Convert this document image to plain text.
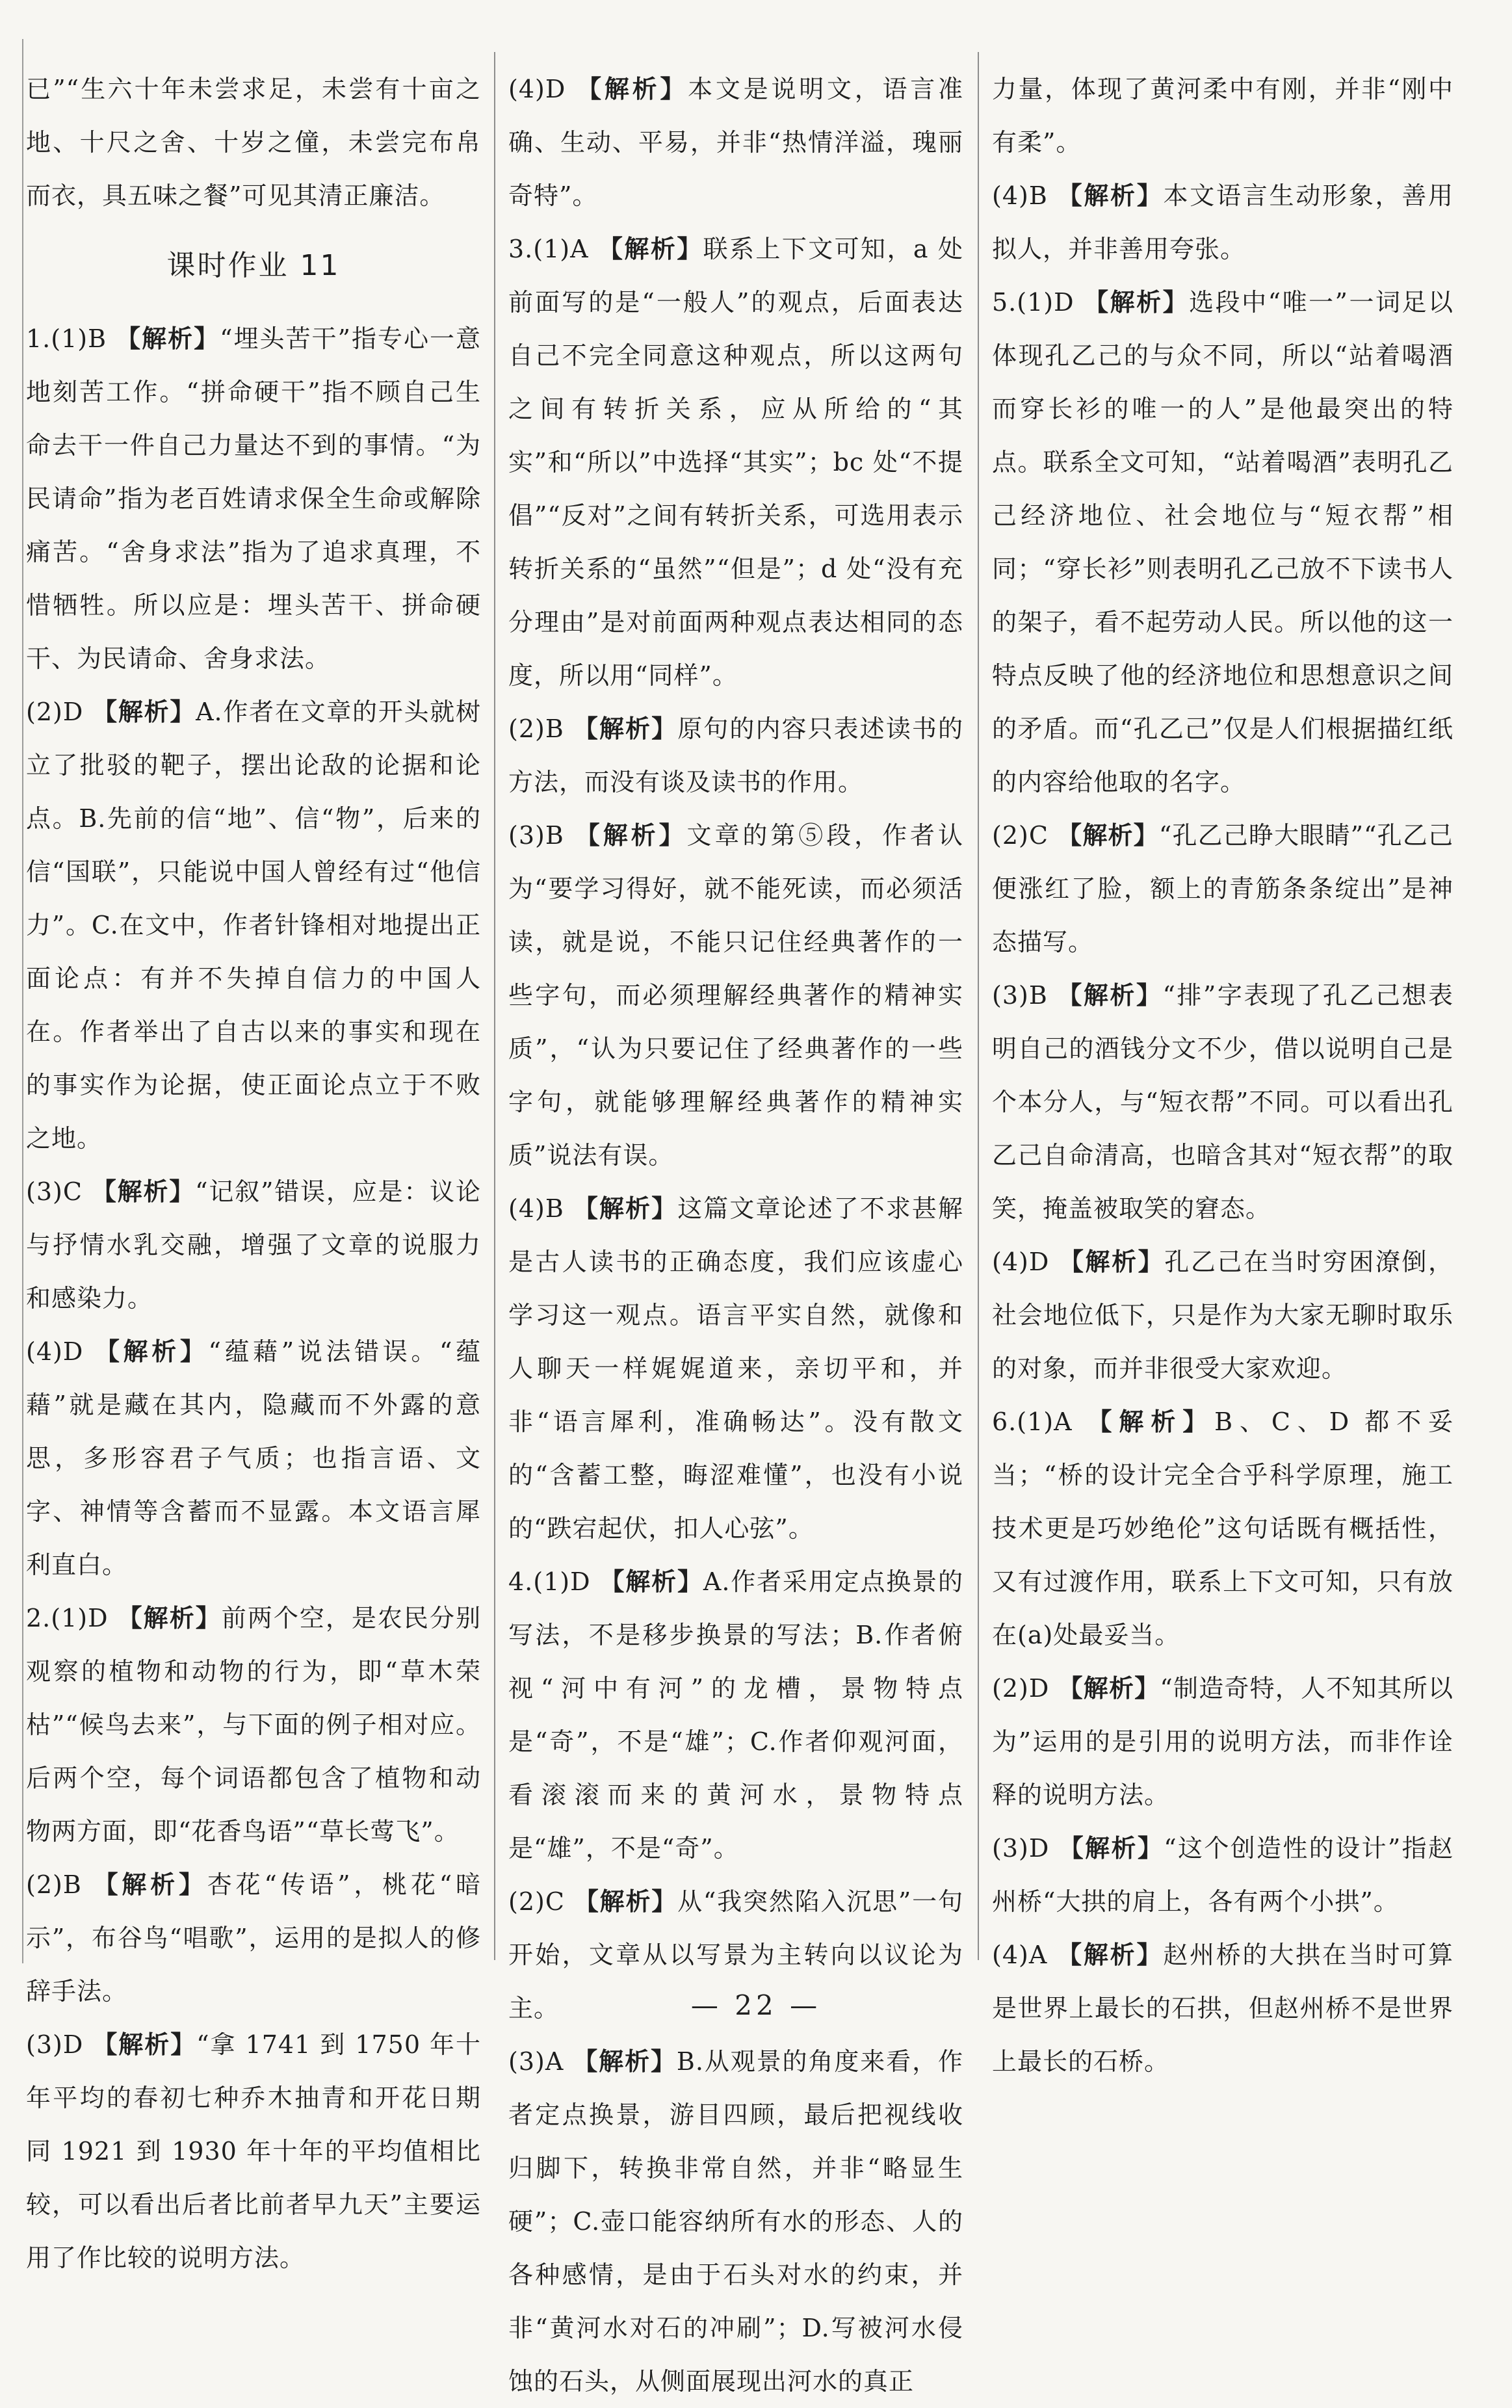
已”“生六十年未尝求足，未尝有十亩之地、十尺之舍、十岁之僮，未尝完布帛而衣，具五味之餐”可见其清正廉洁。

课时作业 11

1.(1)B 【解析】“埋头苦干”指专心一意地刻苦工作。“拼命硬干”指不顾自己生命去干一件自己力量达不到的事情。“为民请命”指为老百姓请求保全生命或解除痛苦。“舍身求法”指为了追求真理，不惜牺牲。所以应是：埋头苦干、拼命硬干、为民请命、舍身求法。

(2)D 【解析】A.作者在文章的开头就树立了批驳的靶子，摆出论敌的论据和论点。B.先前的信“地”、信“物”，后来的信“国联”，只能说中国人曾经有过“他信力”。C.在文中，作者针锋相对地提出正面论点：有并不失掉自信力的中国人在。作者举出了自古以来的事实和现在的事实作为论据，使正面论点立于不败之地。

(3)C 【解析】“记叙”错误，应是：议论与抒情水乳交融，增强了文章的说服力和感染力。

(4)D 【解析】“蕴藉”说法错误。“蕴藉”就是藏在其内，隐藏而不外露的意思，多形容君子气质；也指言语、文字、神情等含蓄而不显露。本文语言犀利直白。

2.(1)D 【解析】前两个空，是农民分别观察的植物和动物的行为，即“草木荣枯”“候鸟去来”，与下面的例子相对应。后两个空，每个词语都包含了植物和动物两方面，即“花香鸟语”“草长莺飞”。

(2)B 【解析】杏花“传语”，桃花“暗示”，布谷鸟“唱歌”，运用的是拟人的修辞手法。

(3)D 【解析】“拿 1741 到 1750 年十年平均的春初七种乔木抽青和开花日期同 1921 到 1930 年十年的平均值相比较，可以看出后者比前者早九天”主要运用了作比较的说明方法。

(4)D 【解析】本文是说明文，语言准确、生动、平易，并非“热情洋溢，瑰丽奇特”。

3.(1)A 【解析】联系上下文可知，a 处前面写的是“一般人”的观点，后面表达自己不完全同意这种观点，所以这两句之间有转折关系，应从所给的“其实”和“所以”中选择“其实”；bc 处“不提倡”“反对”之间有转折关系，可选用表示转折关系的“虽然”“但是”；d 处“没有充分理由”是对前面两种观点表达相同的态度，所以用“同样”。

(2)B 【解析】原句的内容只表述读书的方法，而没有谈及读书的作用。

(3)B 【解析】文章的第⑤段，作者认为“要学习得好，就不能死读，而必须活读，就是说，不能只记住经典著作的一些字句，而必须理解经典著作的精神实质”，“认为只要记住了经典著作的一些字句，就能够理解经典著作的精神实质”说法有误。

(4)B 【解析】这篇文章论述了不求甚解是古人读书的正确态度，我们应该虚心学习这一观点。语言平实自然，就像和人聊天一样娓娓道来，亲切平和，并非“语言犀利，准确畅达”。没有散文的“含蓄工整，晦涩难懂”，也没有小说的“跌宕起伏，扣人心弦”。

4.(1)D 【解析】A.作者采用定点换景的写法，不是移步换景的写法；B.作者俯视“河中有河”的龙槽，景物特点是“奇”，不是“雄”；C.作者仰观河面，看滚滚而来的黄河水，景物特点是“雄”，不是“奇”。

(2)C 【解析】从“我突然陷入沉思”一句开始，文章从以写景为主转向以议论为主。

(3)A 【解析】B.从观景的角度来看，作者定点换景，游目四顾，最后把视线收归脚下，转换非常自然，并非“略显生硬”；C.壶口能容纳所有水的形态、人的各种感情，是由于石头对水的约束，并非“黄河水对石的冲刷”；D.写被河水侵蚀的石头，从侧面展现出河水的真正

力量，体现了黄河柔中有刚，并非“刚中有柔”。

(4)B 【解析】本文语言生动形象，善用拟人，并非善用夸张。

5.(1)D 【解析】选段中“唯一”一词足以体现孔乙己的与众不同，所以“站着喝酒而穿长衫的唯一的人”是他最突出的特点。联系全文可知，“站着喝酒”表明孔乙己经济地位、社会地位与“短衣帮”相同；“穿长衫”则表明孔乙己放不下读书人的架子，看不起劳动人民。所以他的这一特点反映了他的经济地位和思想意识之间的矛盾。而“孔乙己”仅是人们根据描红纸的内容给他取的名字。

(2)C 【解析】“孔乙己睁大眼睛”“孔乙己便涨红了脸，额上的青筋条条绽出”是神态描写。

(3)B 【解析】“排”字表现了孔乙己想表明自己的酒钱分文不少，借以说明自己是个本分人，与“短衣帮”不同。可以看出孔乙己自命清高，也暗含其对“短衣帮”的取笑，掩盖被取笑的窘态。

(4)D 【解析】孔乙己在当时穷困潦倒，社会地位低下，只是作为大家无聊时取乐的对象，而并非很受大家欢迎。

6.(1)A 【解析】B、C、D 都不妥当；“桥的设计完全合乎科学原理，施工技术更是巧妙绝伦”这句话既有概括性，又有过渡作用，联系上下文可知，只有放在(a)处最妥当。

(2)D 【解析】“制造奇特，人不知其所以为”运用的是引用的说明方法，而非作诠释的说明方法。

(3)D 【解析】“这个创造性的设计”指赵州桥“大拱的肩上，各有两个小拱”。

(4)A 【解析】赵州桥的大拱在当时可算是世界上最长的石拱，但赵州桥不是世界上最长的石桥。

— 22 —
